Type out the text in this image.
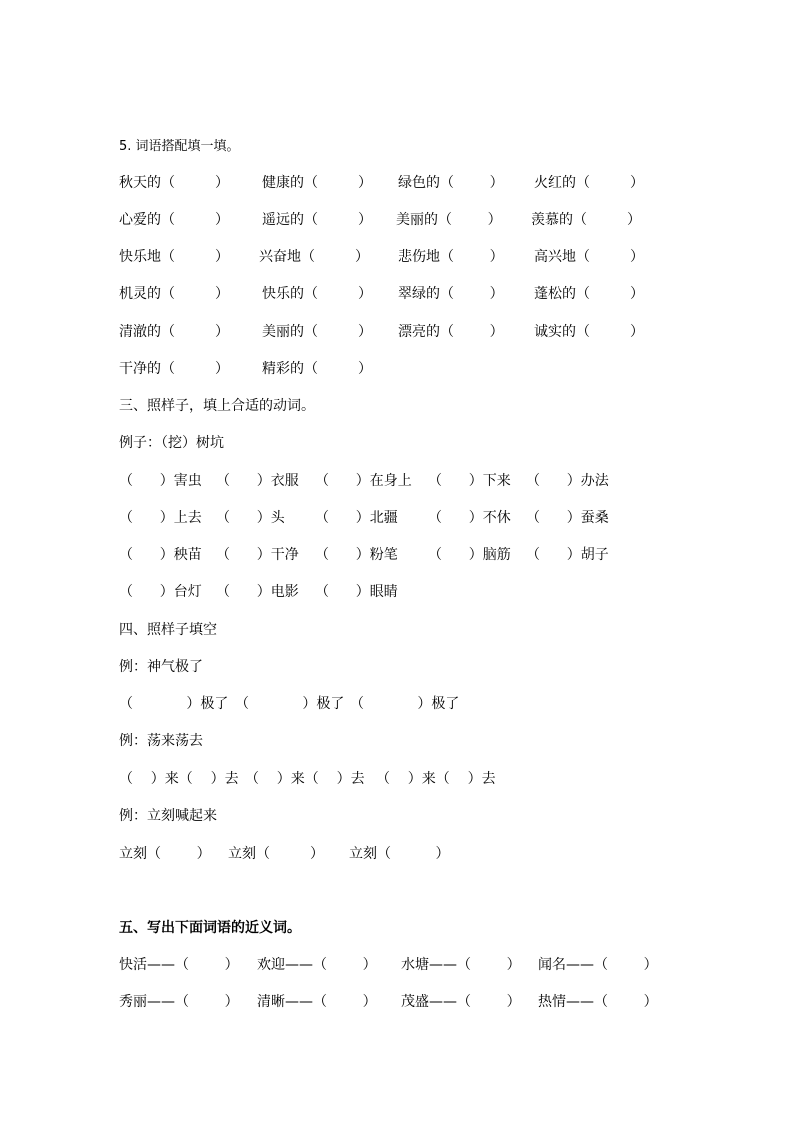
5. 词语搭配填一填。
秋天的（         ） 健康的（         ） 绿色的（        ） 火红的（         ）
心爱的（         ） 遥远的（         ） 美丽的（        ） 羡慕的（         ）
快乐地（         ） 兴奋地（         ） 悲伤地（        ） 高兴地（         ）
机灵的（         ） 快乐的（         ） 翠绿的（        ） 蓬松的（         ）
清澈的（         ） 美丽的（         ） 漂亮的（        ） 诚实的（         ）
干净的（         ） 精彩的（         ）
三、照样子，填上合适的动词。
例子：（挖）树坑
（      ）害虫 （      ）衣服 （      ）在身上 （      ）下来 （      ）办法
（      ）上去 （      ）头 （      ）北疆 （      ）不休 （      ）蚕桑
（      ）秧苗 （      ）干净 （      ）粉笔 （      ）脑筋 （      ）胡子
（      ）台灯 （      ）电影 （      ）眼睛
四、照样子填空
例：神气极了
（            ）极了 （            ）极了 （            ）极了
例：荡来荡去
（    ）来（    ）去 （    ）来（    ）去 （    ）来（    ）去
例：立刻喊起来
立刻（        ） 立刻（         ） 立刻（          ）
五、写出下面词语的近义词。
快活——（        ） 欢迎——（        ） 水塘——（        ） 闻名——（        ）
秀丽——（        ） 清晰——（        ） 茂盛——（        ） 热情——（        ）
